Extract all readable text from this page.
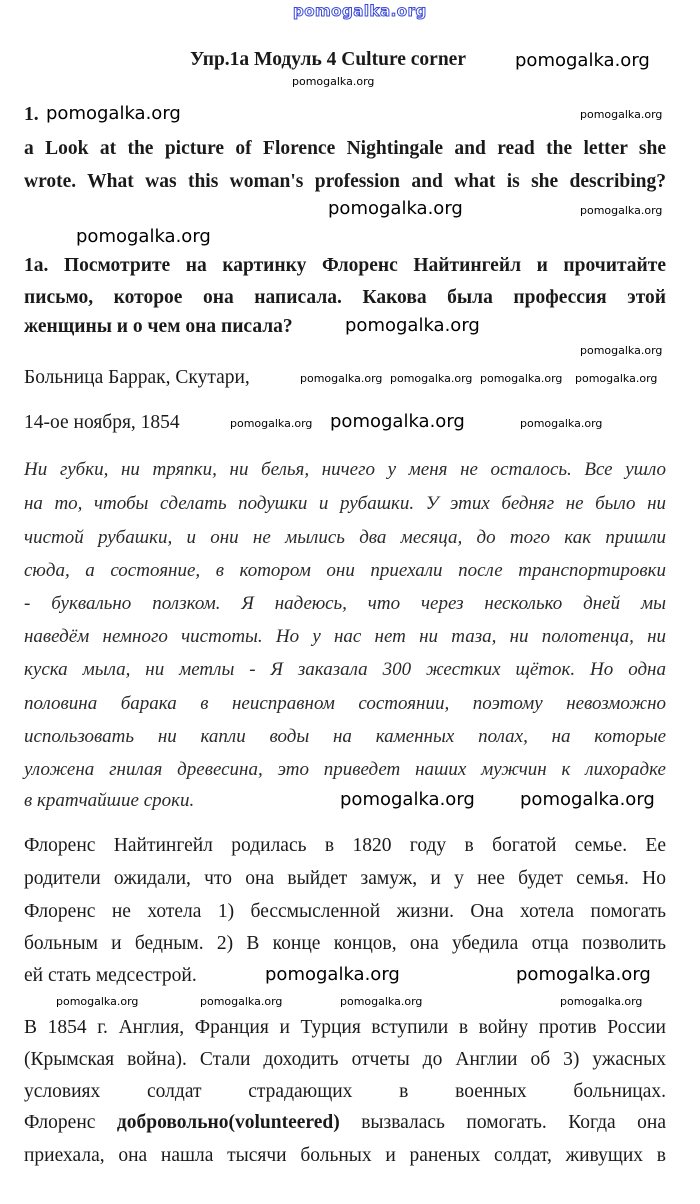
pomogalka.org
Упр.1а Модуль 4 Culture corner	pomogalka.org
pomogalka.org
1. pomogalka.org	pomogalka.org
a Look at the picture of Florence Nightingale and read the letter she
wrote. What was this woman's profession and what is she describing?
pomogalka.org	pomogalka.org
pomogalka.org
1а. Посмотрите на картинку Флоренс Найтингейл и прочитайте
письмо, которое она написала. Какова была профессия этой
женщины и о чем она писала?	pomogalka.org
pomogalka.org
Больница Баррак, Скутари,	pomogalka.org pomogalka.org pomogalka.org pomogalka.org
14-ое ноября, 1854	pomogalka.org pomogalka.org	pomogalka.org
Ни губки, ни тряпки, ни белья, ничего у меня не осталось. Все ушло
на то, чтобы сделать подушки и рубашки. У этих бедняг не было ни
чистой рубашки, и они не мылись два месяца, до того как пришли
сюда, а состояние, в котором они приехали после транспортировки
- буквально ползком. Я надеюсь, что через несколько дней мы
наведём немного чистоты. Но у нас нет ни таза, ни полотенца, ни
куска мыла, ни метлы - Я заказала 300 жестких щёток. Но одна
половина барака в неисправном состоянии, поэтому невозможно
использовать ни капли воды на каменных полах, на которые
уложена гнилая древесина, это приведет наших мужчин к лихорадке
в кратчайшие сроки.	pomogalka.org	pomogalka.org
Флоренс Найтингейл родилась в 1820 году в богатой семье. Ее
родители ожидали, что она выйдет замуж, и у нее будет семья. Но
Флоренс не хотела 1) бессмысленной жизни. Она хотела помогать
больным и бедным. 2) В конце концов, она убедила отца позволить
ей стать медсестрой.	pomogalka.org	pomogalka.org
pomogalka.org	pomogalka.org	pomogalka.org	pomogalka.org
В 1854 г. Англия, Франция и Турция вступили в войну против России
(Крымская война). Стали доходить отчеты до Англии об 3) ужасных
условиях солдат страдающих в военных больницах.
Флоренс добровольно(volunteered) вызвалась помогать. Когда она
приехала, она нашла тысячи больных и раненых солдат, живущих в
